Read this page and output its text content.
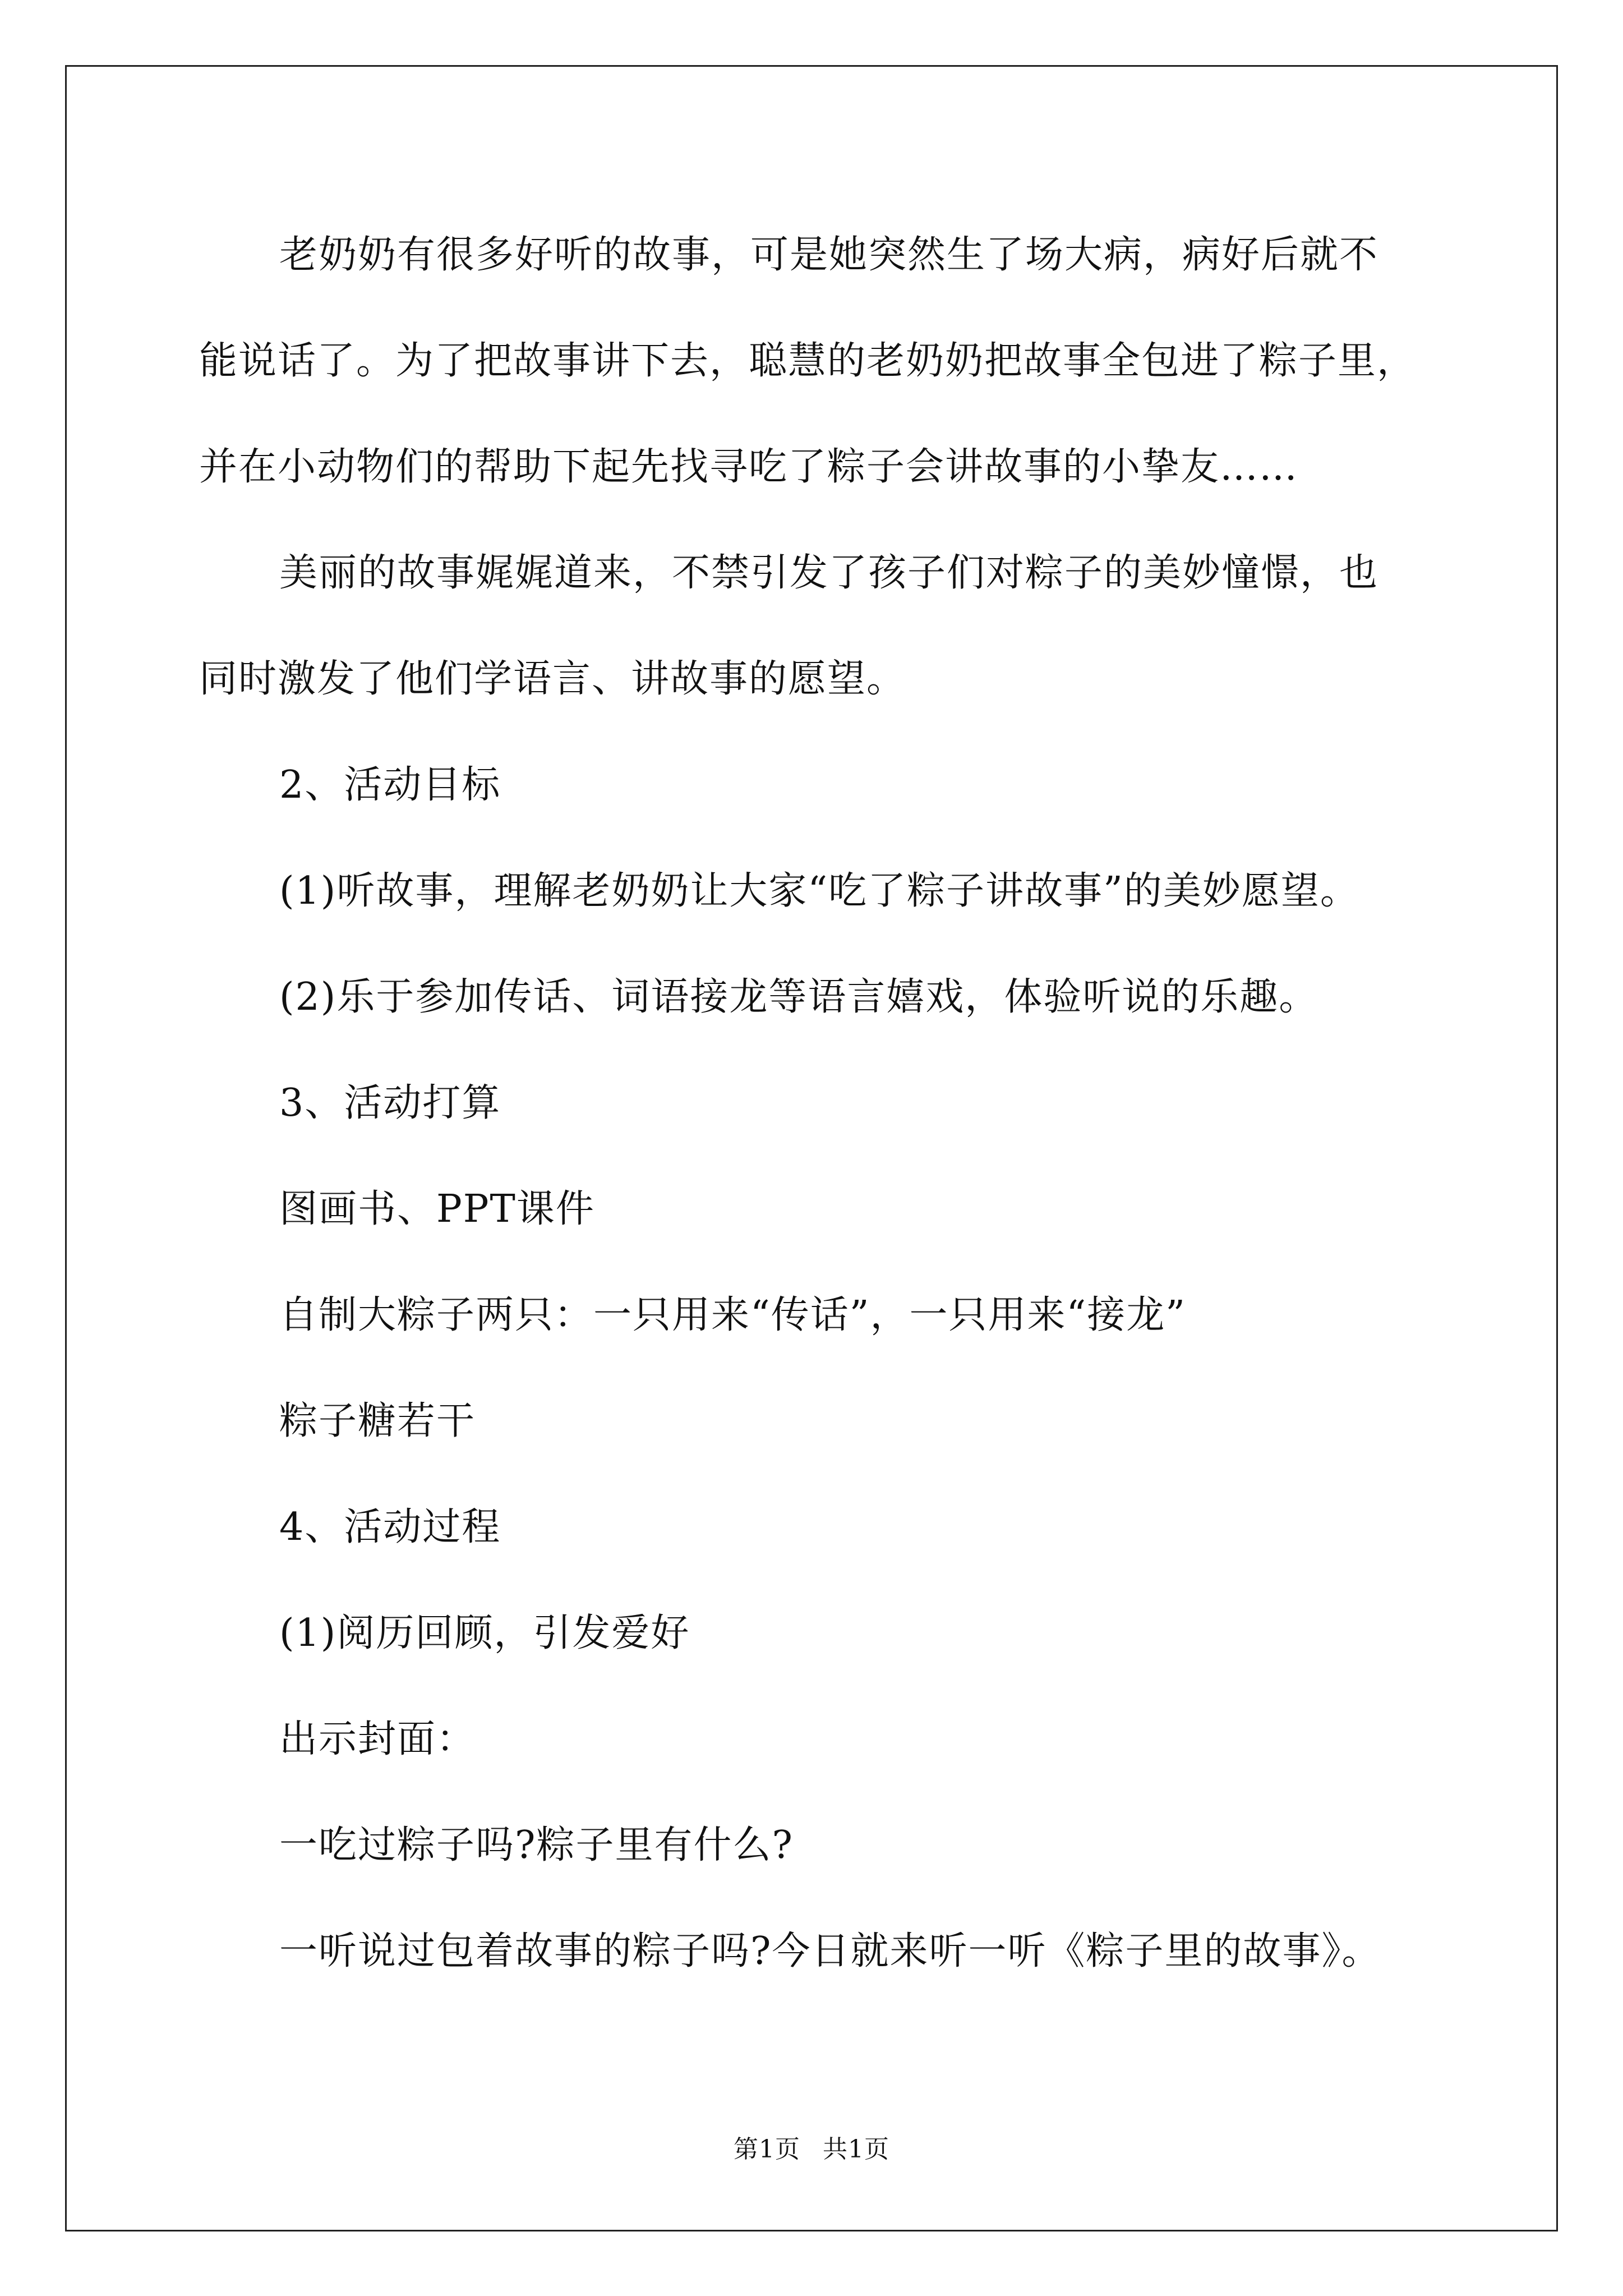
老奶奶有很多好听的故事，可是她突然生了场大病，病好后就不

能说话了。为了把故事讲下去，聪慧的老奶奶把故事全包进了粽子里，

并在小动物们的帮助下起先找寻吃了粽子会讲故事的小挚友……

美丽的故事娓娓道来，不禁引发了孩子们对粽子的美妙憧憬，也

同时激发了他们学语言、讲故事的愿望。

2、活动目标

(1)听故事，理解老奶奶让大家“吃了粽子讲故事”的美妙愿望。

(2)乐于参加传话、词语接龙等语言嬉戏，体验听说的乐趣。

3、活动打算

图画书、PPT课件

自制大粽子两只：一只用来“传话”，一只用来“接龙”

粽子糖若干

4、活动过程

(1)阅历回顾，引发爱好

出示封面：

一吃过粽子吗?粽子里有什么?

一听说过包着故事的粽子吗?今日就来听一听《粽子里的故事》。

第1页 共1页
